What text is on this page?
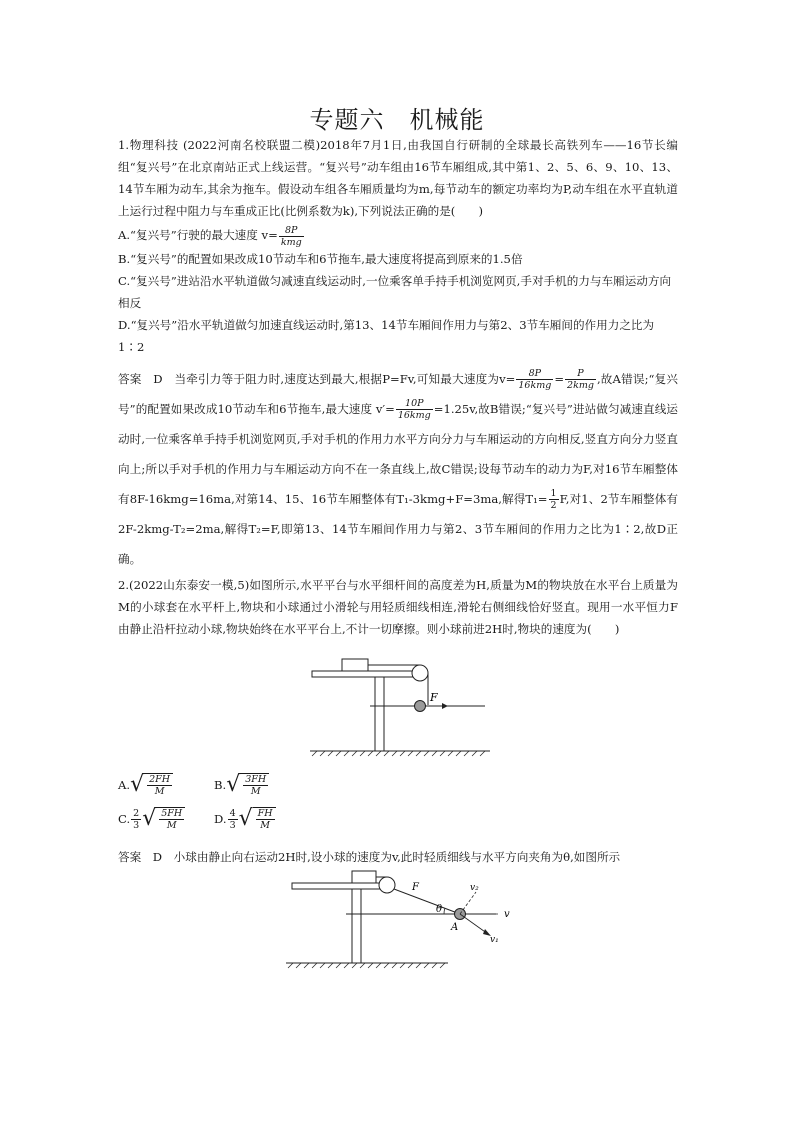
专题六　机械能

1.物理科技 (2022河南名校联盟二模)2018年7月1日,由我国自行研制的全球最长高铁列车——16节长编组“复兴号”在北京南站正式上线运营。“复兴号”动车组由16节车厢组成,其中第1、2、5、6、9、10、13、14节车厢为动车,其余为拖车。假设动车组各车厢质量均为m,每节动车的额定功率均为P,动车组在水平直轨道上运行过程中阻力与车重成正比(比例系数为k),下列说法正确的是(　　)

A.“复兴号”行驶的最大速度 $v= \frac{8P}{\text{kmg}}$

B.“复兴号”的配置如果改成10节动车和6节拖车,最大速度将提高到原来的1.5倍

C.“复兴号”进站沿水平轨道做匀减速直线运动时,一位乘客单手持手机浏览网页,手对手机的力与车厢运动方向相反

D.“复兴号”沿水平轨道做匀加速直线运动时,第13、14节车厢间作用力与第2、3节车厢间的作用力之比为1∶2

答案　D　当牵引力等于阻力时,速度达到最大,根据P=Fv,可知最大速度为$v= \frac{8P}{\text{16kmg}} = \frac{P}{\text{2kmg}}$ ,故A错误;“复兴号”的配置如果改成10节动车和6节拖车,最大速度 $v'= \frac{10P}{\text{16kmg}} =1.25v$,故B错误;“复兴号”进站做匀减速直线运动时,一位乘客单手持手机浏览网页,手对手机的作用力水平方向分力与车厢运动的方向相反,竖直方向分力竖直向上;所以手对手机的作用力与车厢运动方向不在一条直线上,故C错误;设每节动车的动力为F,对16节车厢整体有8F-16kmg=16ma,对第14、15、16节车厢整体有T₁-3kmg+F=3ma,解得$T_1= \frac{1}{2} F$,对1、2节车厢整体有2F-2kmg-T₂=2ma,解得T₂=F,即第13、14节车厢间作用力与第2、3节车厢间的作用力之比为1∶2,故D正确。

2.(2022山东泰安一模,5)如图所示,水平平台与水平细杆间的高度差为H,质量为M的物块放在水平台上质量为M的小球套在水平杆上,物块和小球通过小滑轮与用轻质细线相连,滑轮右侧细线恰好竖直。现用一水平恒力F由静止沿杆拉动小球,物块始终在水平平台上,不计一切摩擦。则小球前进2H时,物块的速度为(　　)

F
A. √ $\frac{2FH}{M}$	B. √ $\frac{3FH}{M}$
C. $\frac{2}{3}$ √ $\frac{5FH}{M}$	D. $\frac{4}{3}$ √ $\frac{FH}{M}$

答案　D　小球由静止向右运动2H时,设小球的速度为v,此时轻质细线与水平方向夹角为θ,如图所示

θ
F
A
v
v₂
v₁
